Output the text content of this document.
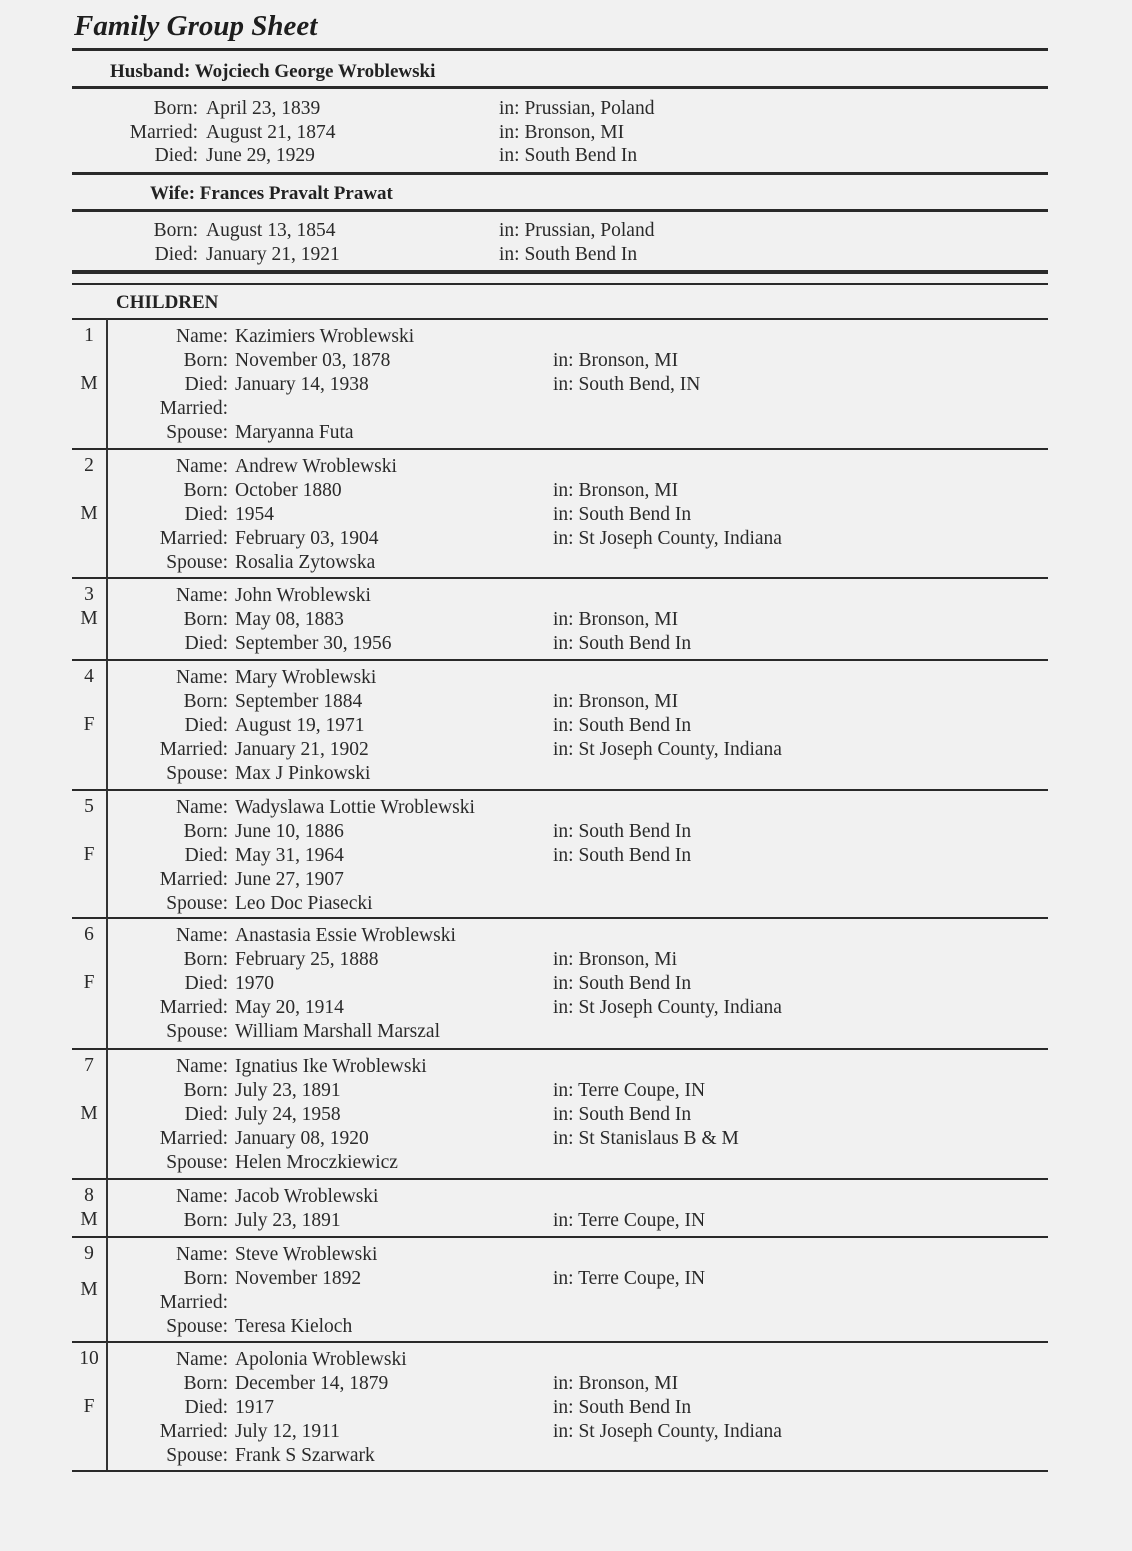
Family Group Sheet
Husband: Wojciech George Wroblewski
Born: April 23, 1839	in: Prussian, Poland
Married: August 21, 1874	in: Bronson, MI
Died: June 29, 1929	in: South Bend In
Wife: Frances Pravalt Prawat
Born: August 13, 1854	in: Prussian, Poland
Died: January 21, 1921	in: South Bend In
CHILDREN
1
M
Name: Kazimiers Wroblewski
Born: November 03, 1878	in: Bronson, MI
Died: January 14, 1938	in: South Bend, IN
Married:
Spouse: Maryanna Futa
2
M
Name: Andrew Wroblewski
Born: October 1880	in: Bronson, MI
Died: 1954	in: South Bend In
Married: February 03, 1904	in: St Joseph County, Indiana
Spouse: Rosalia Zytowska
3
M
Name: John Wroblewski
Born: May 08, 1883	in: Bronson, MI
Died: September 30, 1956	in: South Bend In
4
F
Name: Mary Wroblewski
Born: September 1884	in: Bronson, MI
Died: August 19, 1971	in: South Bend In
Married: January 21, 1902	in: St Joseph County, Indiana
Spouse: Max J Pinkowski
5
F
Name: Wadyslawa Lottie Wroblewski
Born: June 10, 1886	in: South Bend In
Died: May 31, 1964	in: South Bend In
Married: June 27, 1907
Spouse: Leo Doc Piasecki
6
F
Name: Anastasia Essie Wroblewski
Born: February 25, 1888	in: Bronson, Mi
Died: 1970	in: South Bend In
Married: May 20, 1914	in: St Joseph County, Indiana
Spouse: William Marshall Marszal
7
M
Name: Ignatius Ike Wroblewski
Born: July 23, 1891	in: Terre Coupe, IN
Died: July 24, 1958	in: South Bend In
Married: January 08, 1920	in: St Stanislaus B & M
Spouse: Helen Mroczkiewicz
8
M
Name: Jacob Wroblewski
Born: July 23, 1891	in: Terre Coupe, IN
9
M
Name: Steve Wroblewski
Born: November 1892	in: Terre Coupe, IN
Married:
Spouse: Teresa Kieloch
10
F
Name: Apolonia Wroblewski
Born: December 14, 1879	in: Bronson, MI
Died: 1917	in: South Bend In
Married: July 12, 1911	in: St Joseph County, Indiana
Spouse: Frank S Szarwark
